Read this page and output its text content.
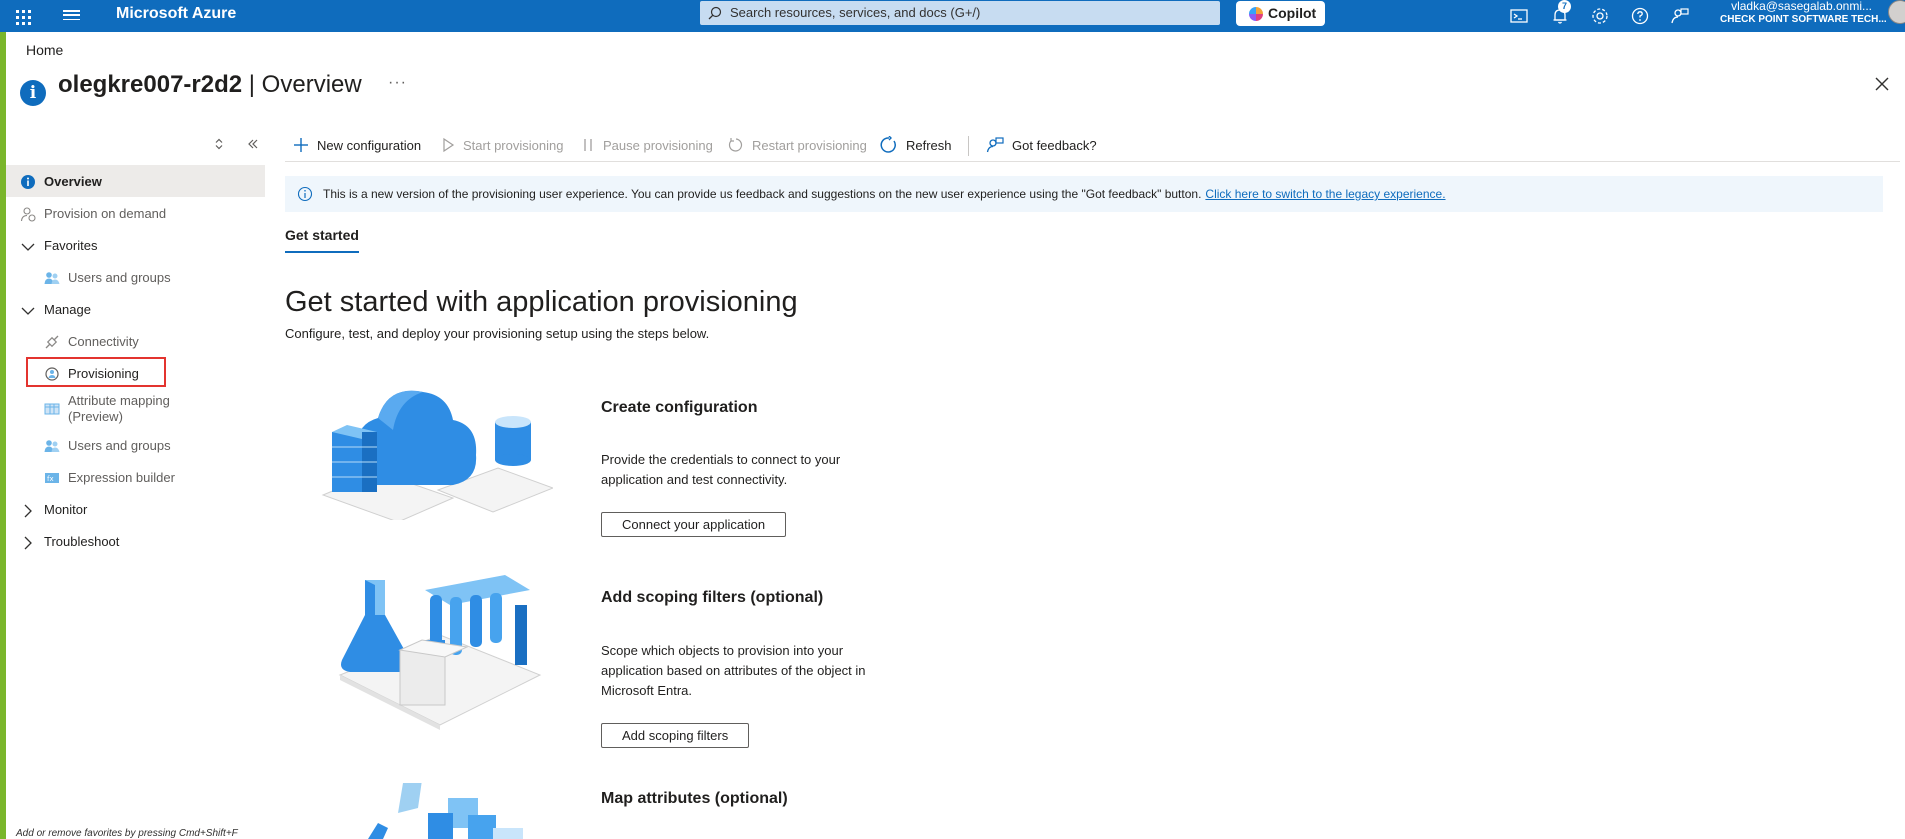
Microsoft Azure	Search resources, services, and docs (G+/)	Copilot	7	vladka@sasegalab.onmi...
CHECK POINT SOFTWARE TECH...
Home
i olegkre007-r2d2 | Overview ···
Overview
Provision on demand
Favorites
Users and groups
Manage
Connectivity
Provisioning
Attribute mapping (Preview)
Users and groups
fx Expression builder
Monitor
Troubleshoot
Add or remove favorites by pressing Cmd+Shift+F
New configuration	Start provisioning	Pause provisioning	Restart provisioning	Refresh	Got feedback?
This is a new version of the provisioning user experience. You can provide us feedback and suggestions on the new user experience using the "Got feedback" button. Click here to switch to the legacy experience.
Get started
Get started with application provisioning
Configure, test, and deploy your provisioning setup using the steps below.
Create configuration
Provide the credentials to connect to your application and test connectivity.
Connect your application
Add scoping filters (optional)
Scope which objects to provision into your application based on attributes of the object in Microsoft Entra.
Add scoping filters
Map attributes (optional)
